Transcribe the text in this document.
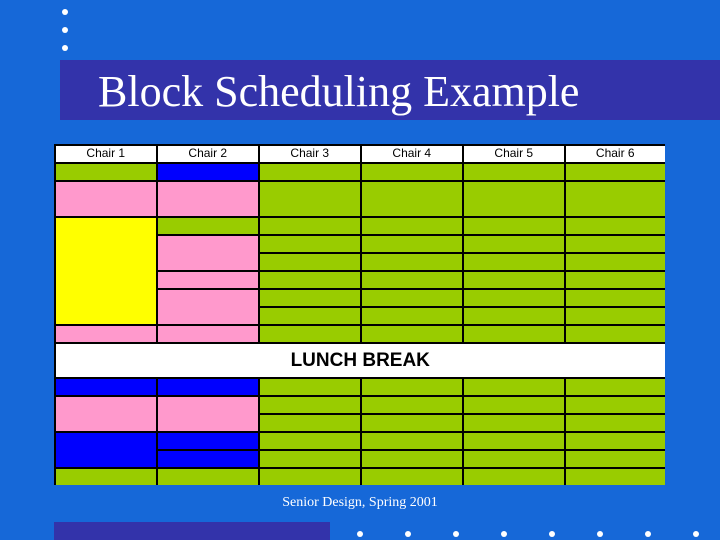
Block Scheduling Example
Chair 1	Chair 2	Chair 3	Chair 4	Chair 5	Chair 6
LUNCH BREAK
Senior Design, Spring 2001
